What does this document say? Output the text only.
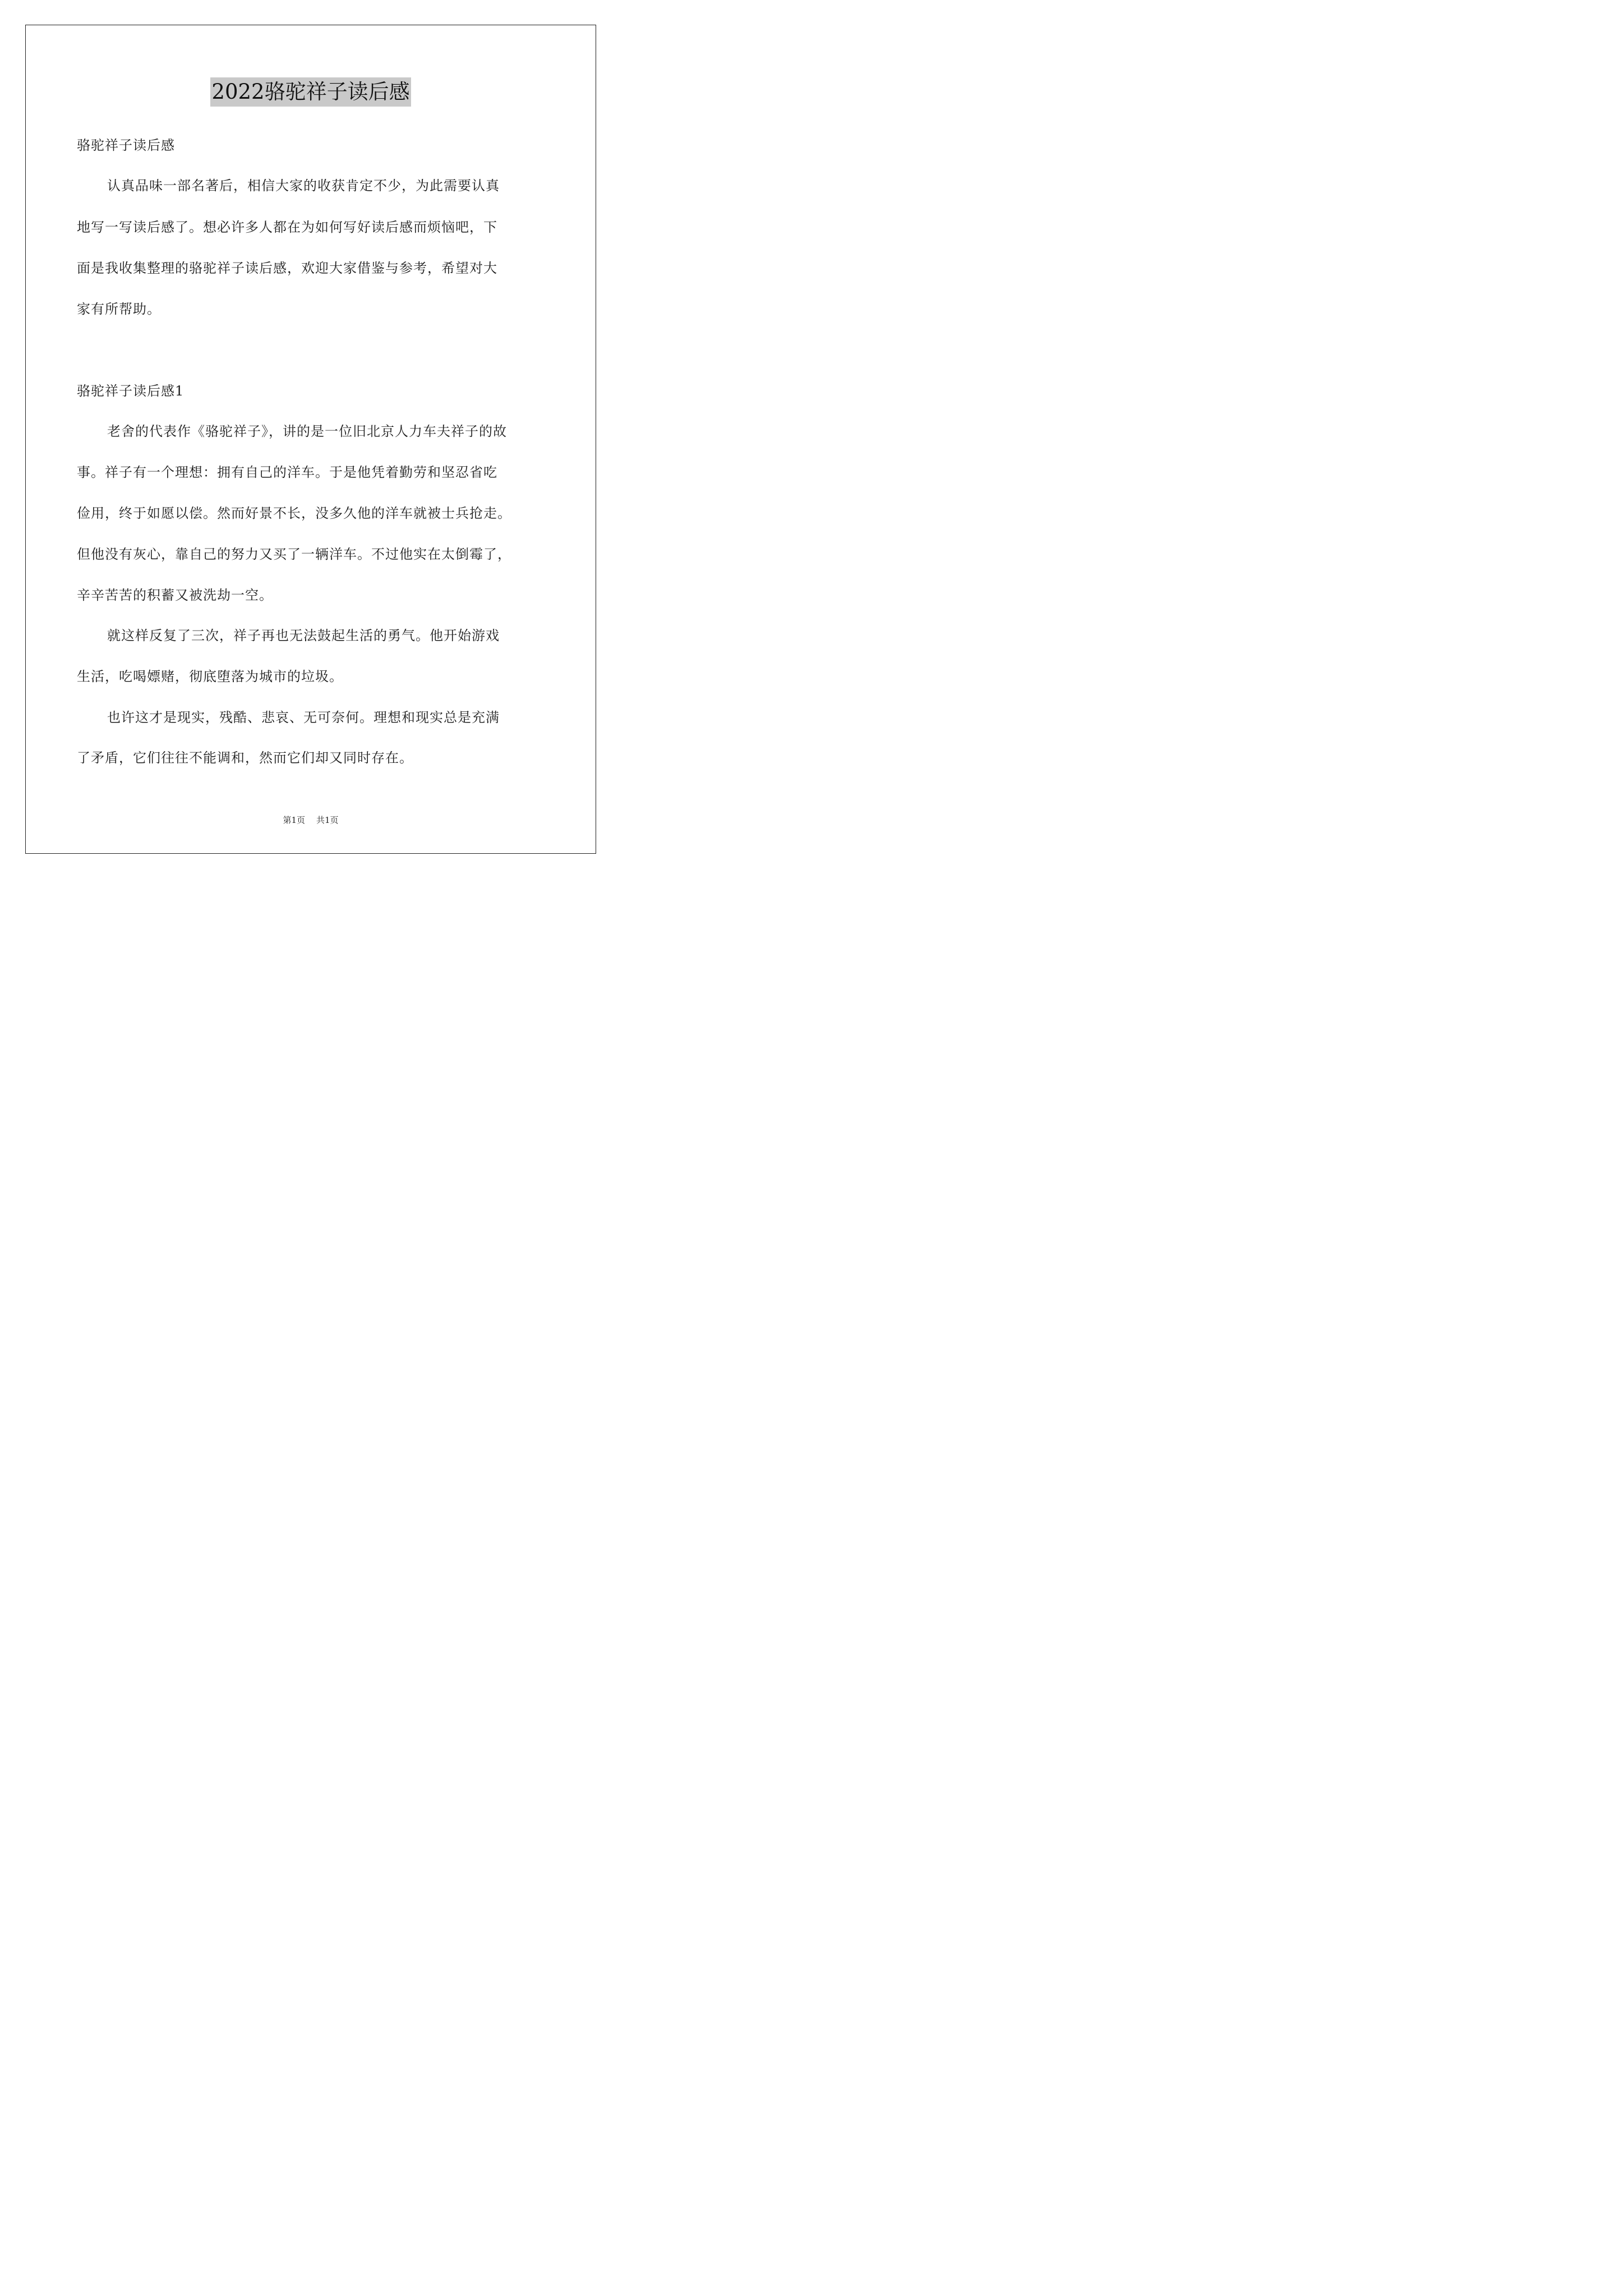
2022骆驼祥子读后感

骆驼祥子读后感

认真品味一部名著后，相信大家的收获肯定不少，为此需要认真

地写一写读后感了。想必许多人都在为如何写好读后感而烦恼吧，下

面是我收集整理的骆驼祥子读后感，欢迎大家借鉴与参考，希望对大

家有所帮助。

骆驼祥子读后感1

老舍的代表作《骆驼祥子》，讲的是一位旧北京人力车夫祥子的故

事。祥子有一个理想：拥有自己的洋车。于是他凭着勤劳和坚忍省吃

俭用，终于如愿以偿。然而好景不长，没多久他的洋车就被士兵抢走。

但他没有灰心，靠自己的努力又买了一辆洋车。不过他实在太倒霉了，

辛辛苦苦的积蓄又被洗劫一空。

就这样反复了三次，祥子再也无法鼓起生活的勇气。他开始游戏

生活，吃喝嫖赌，彻底堕落为城市的垃圾。

也许这才是现实，残酷、悲哀、无可奈何。理想和现实总是充满

了矛盾，它们往往不能调和，然而它们却又同时存在。

第1页 共1页
